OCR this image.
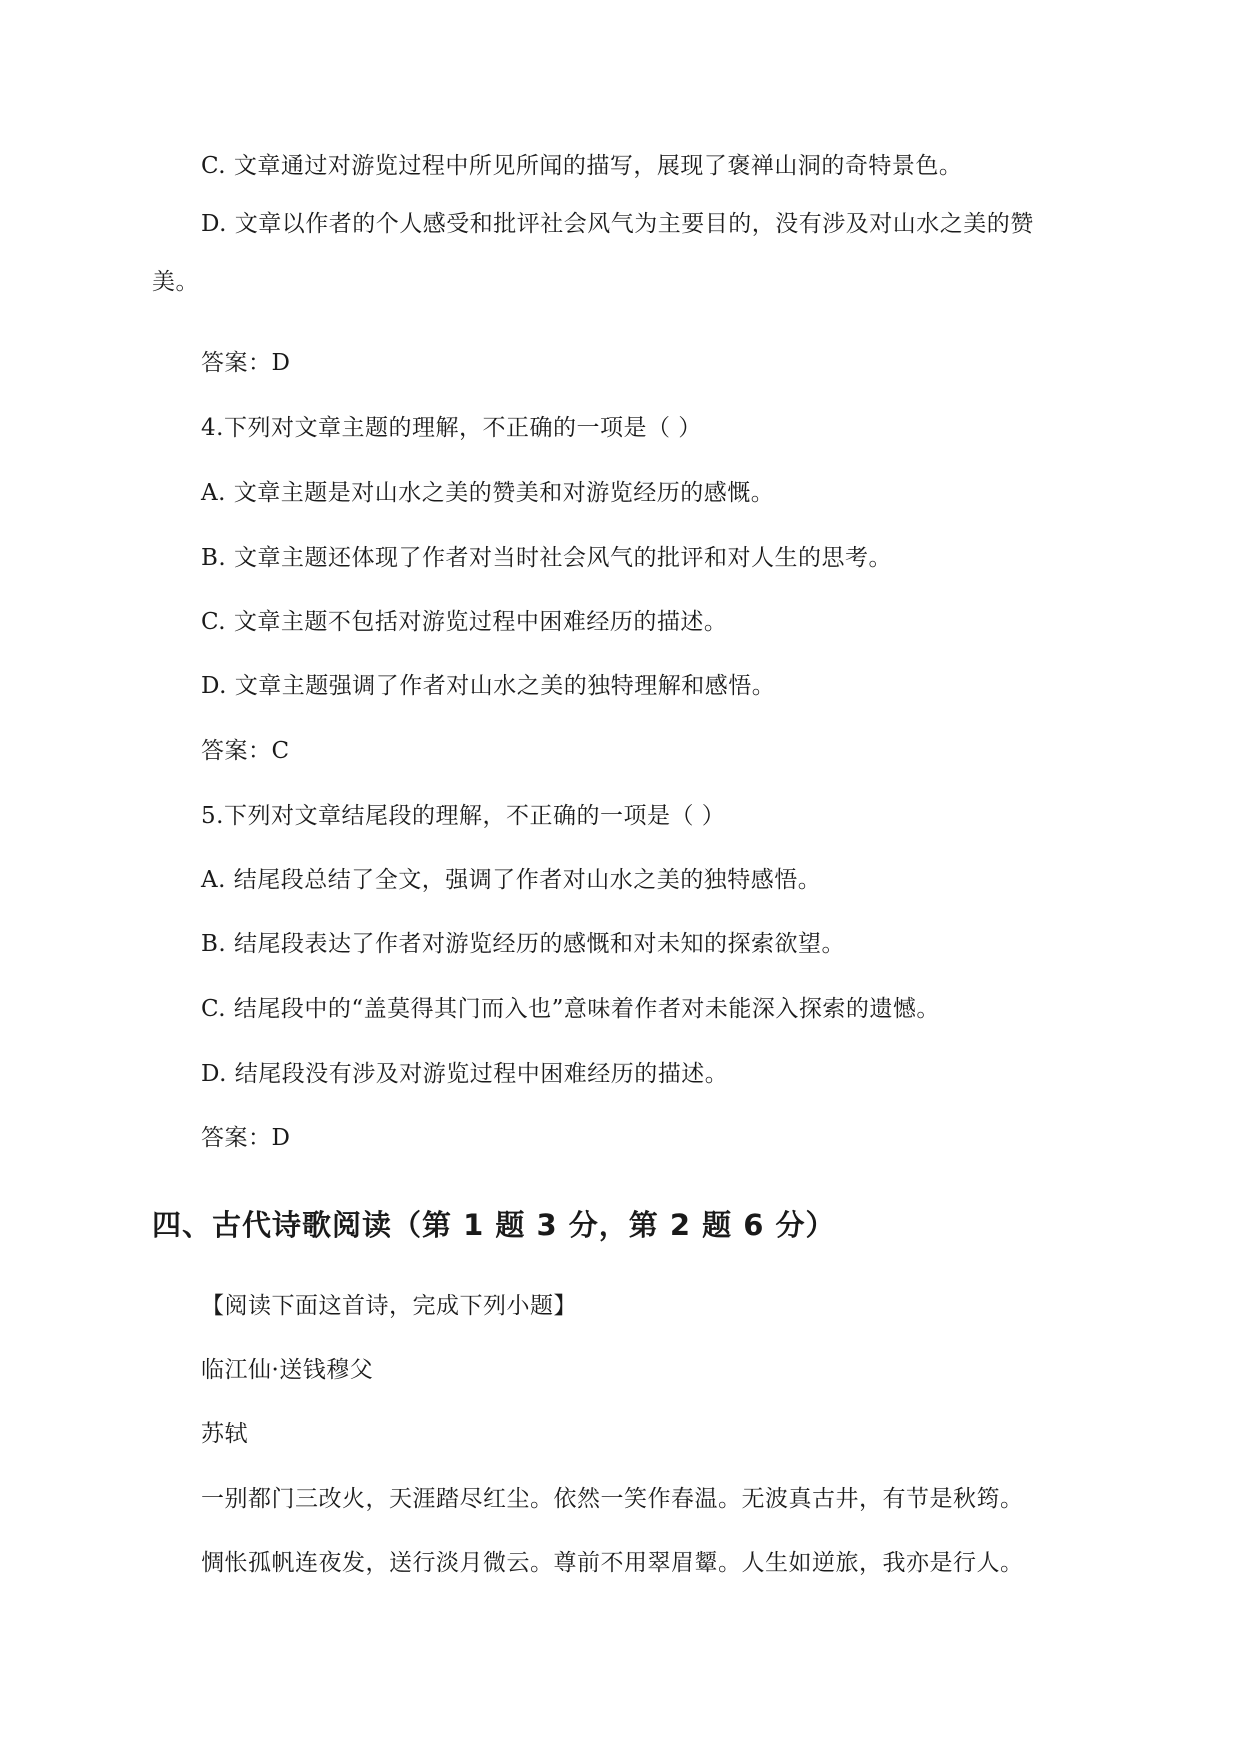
C. 文章通过对游览过程中所见所闻的描写，展现了褒禅山洞的奇特景色。
D. 文章以作者的个人感受和批评社会风气为主要目的，没有涉及对山水之美的赞
美。
答案：D
4.下列对文章主题的理解，不正确的一项是（ ）
A. 文章主题是对山水之美的赞美和对游览经历的感慨。
B. 文章主题还体现了作者对当时社会风气的批评和对人生的思考。
C. 文章主题不包括对游览过程中困难经历的描述。
D. 文章主题强调了作者对山水之美的独特理解和感悟。
答案：C
5.下列对文章结尾段的理解，不正确的一项是（ ）
A. 结尾段总结了全文，强调了作者对山水之美的独特感悟。
B. 结尾段表达了作者对游览经历的感慨和对未知的探索欲望。
C. 结尾段中的“盖莫得其门而入也”意味着作者对未能深入探索的遗憾。
D. 结尾段没有涉及对游览过程中困难经历的描述。
答案：D
四、古代诗歌阅读（第 1 题 3 分，第 2 题 6 分）
【阅读下面这首诗，完成下列小题】
临江仙·送钱穆父
苏轼
一别都门三改火，天涯踏尽红尘。依然一笑作春温。无波真古井，有节是秋筠。
惆怅孤帆连夜发，送行淡月微云。尊前不用翠眉颦。人生如逆旅，我亦是行人。
